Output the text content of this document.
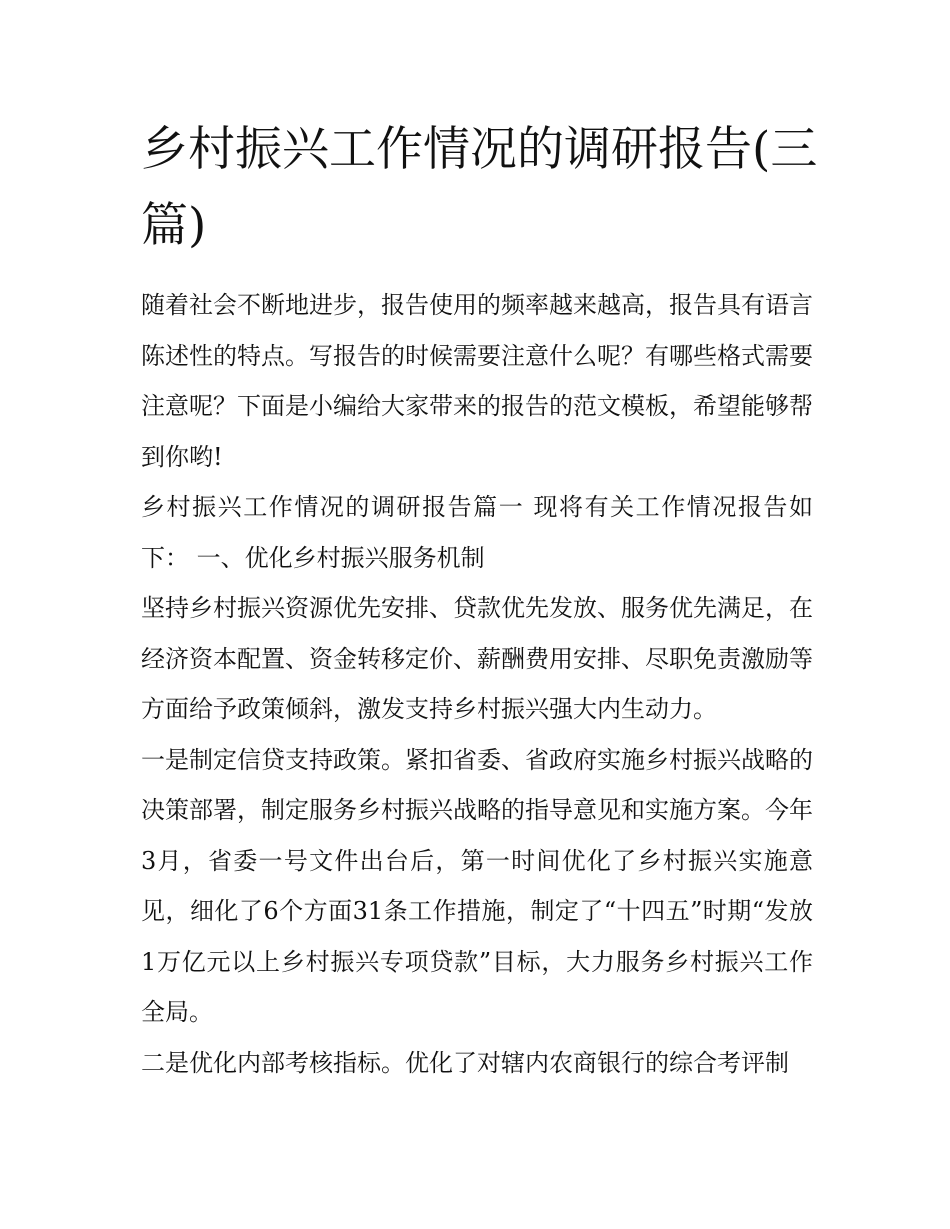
乡村振兴工作情况的调研报告(三篇)

随着社会不断地进步，报告使用的频率越来越高，报告具有语言陈述性的特点。写报告的时候需要注意什么呢？有哪些格式需要注意呢？下面是小编给大家带来的报告的范文模板，希望能够帮到你哟!

乡村振兴工作情况的调研报告篇一 现将有关工作情况报告如下： 一、优化乡村振兴服务机制

坚持乡村振兴资源优先安排、贷款优先发放、服务优先满足，在经济资本配置、资金转移定价、薪酬费用安排、尽职免责激励等方面给予政策倾斜，激发支持乡村振兴强大内生动力。

一是制定信贷支持政策。紧扣省委、省政府实施乡村振兴战略的决策部署，制定服务乡村振兴战略的指导意见和实施方案。今年3月，省委一号文件出台后，第一时间优化了乡村振兴实施意见，细化了6个方面31条工作措施，制定了“十四五”时期“发放1万亿元以上乡村振兴专项贷款”目标，大力服务乡村振兴工作全局。

二是优化内部考核指标。优化了对辖内农商银行的综合考评制
